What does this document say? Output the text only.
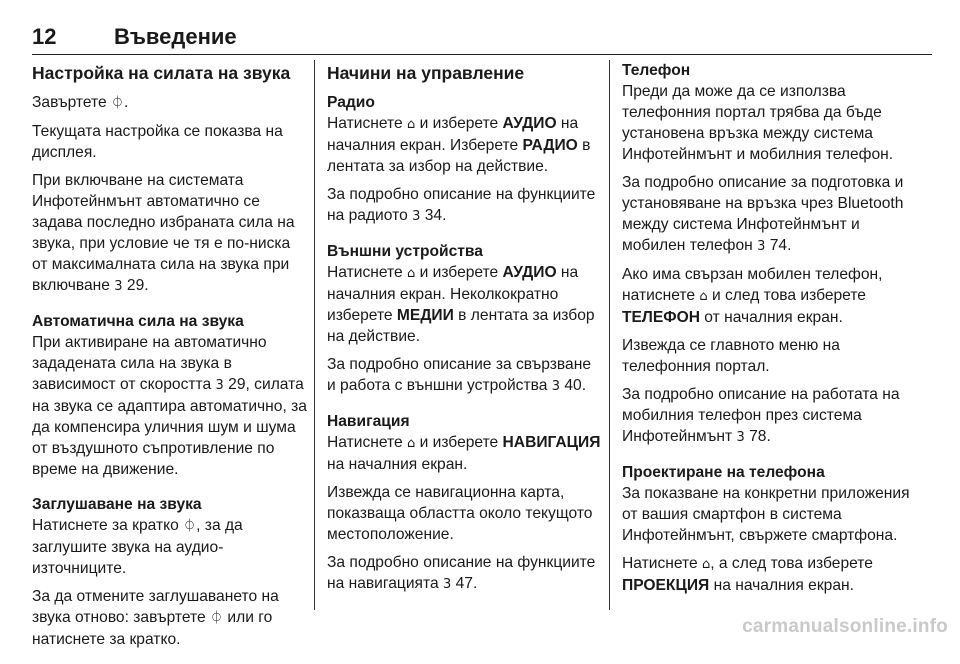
12	Въведение
Настройка на силата на звука

Завъртете ⏀.

Текущата настройка се показва на дисплея.

При включване на системата Инфотейнмънт автоматично се задава последно избраната сила на звука, при условие че тя е по-ниска от максималната сила на звука при включване 3 29.

Автоматична сила на звука

При активиране на автоматично зададената сила на звука в зависимост от скоростта 3 29, силата на звука се адаптира автоматично, за да компенсира уличния шум и шума от въздушното съпротивление по време на движение.

Заглушаване на звука

Натиснете за кратко ⏀, за да заглушите звука на аудио-източниците.

За да отмените заглушаването на звука отново: завъртете ⏀ или го натиснете за кратко.

Начини на управление
Радио

Натиснете ⌂ и изберете АУДИО на началния екран. Изберете РАДИО в лентата за избор на действие.

За подробно описание на функциите на радиото 3 34.

Външни устройства

Натиснете ⌂ и изберете АУДИО на началния екран. Неколкократно изберете МЕДИИ в лентата за избор на действие.

За подробно описание за свързване и работа с външни устройства 3 40.

Навигация

Натиснете ⌂ и изберете НАВИГАЦИЯ на началния екран.

Извежда се навигационна карта, показваща областта около текущото местоположение.

За подробно описание на функциите на навигацията 3 47.

Телефон

Преди да може да се използва телефонния портал трябва да бъде установена връзка между система Инфотейнмънт и мобилния телефон.

За подробно описание за подготовка и установяване на връзка чрез Bluetooth между система Инфотейнмънт и мобилен телефон 3 74.

Ако има свързан мобилен телефон, натиснете ⌂ и след това изберете ТЕЛЕФОН от началния екран.

Извежда се главното меню на телефонния портал.

За подробно описание на работата на мобилния телефон през система Инфотейнмънт 3 78.

Проектиране на телефона

За показване на конкретни приложения от вашия смартфон в система Инфотейнмънт, свържете смартфона.

Натиснете ⌂, а след това изберете ПРОЕКЦИЯ на началния екран.

carmanualsonline.info
